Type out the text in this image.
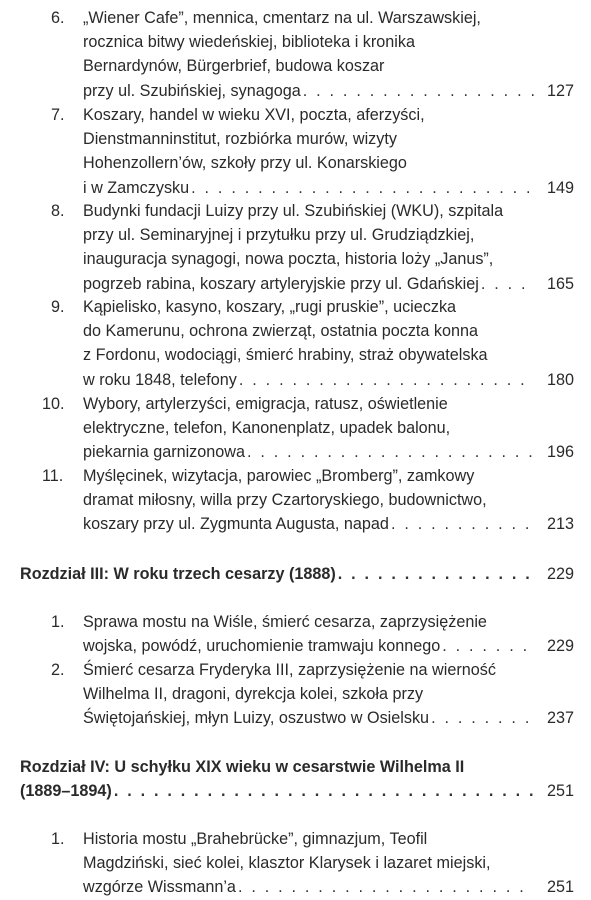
6.	„Wiener Cafe”, mennica, cmentarz na ul. Warszawskiej,
rocznica bitwy wiedeńskiej, biblioteka i kronika
Bernardynów, Bürgerbrief, budowa koszar
przy ul. Szubińskiej, synagoga . . .	127
7.	Koszary, handel w wieku XVI, poczta, aferzyści,
Dienstmanninstitut, rozbiórka murów, wizyty
Hohenzollern’ów, szkoły przy ul. Konarskiego
i w Zamczysku . . .	149
8.	Budynki fundacji Luizy przy ul. Szubińskiej (WKU), szpitala
przy ul. Seminaryjnej i przytułku przy ul. Grudziądzkiej,
inauguracja synagogi, nowa poczta, historia loży „Janus”,
pogrzeb rabina, koszary artyleryjskie przy ul. Gdańskiej . . .	165
9.	Kąpielisko, kasyno, koszary, „rugi pruskie”, ucieczka
do Kamerunu, ochrona zwierząt, ostatnia poczta konna
z Fordonu, wodociągi, śmierć hrabiny, straż obywatelska
w roku 1848, telefony . . .	180
10.	Wybory, artylerzyści, emigracja, ratusz, oświetlenie
elektryczne, telefon, Kanonenplatz, upadek balonu,
piekarnia garnizonowa . . .	196
11.	Myślęcinek, wizytacja, parowiec „Bromberg”, zamkowy
dramat miłosny, willa przy Czartoryskiego, budownictwo,
koszary przy ul. Zygmunta Augusta, napad . . .	213
Rozdział III: W roku trzech cesarzy (1888) . . .	229
1.	Sprawa mostu na Wiśle, śmierć cesarza, zaprzysiężenie
wojska, powódź, uruchomienie tramwaju konnego . . .	229
2.	Śmierć cesarza Fryderyka III, zaprzysiężenie na wierność
Wilhelma II, dragoni, dyrekcja kolei, szkoła przy
Świętojańskiej, młyn Luizy, oszustwo w Osielsku . . .	237
Rozdział IV: U schyłku XIX wieku w cesarstwie Wilhelma II
(1889–1894) . . .	251
1.	Historia mostu „Brahebrücke”, gimnazjum, Teofil
Magdziński, sieć kolei, klasztor Klarysek i lazaret miejski,
wzgórze Wissmann’a . . .	251
